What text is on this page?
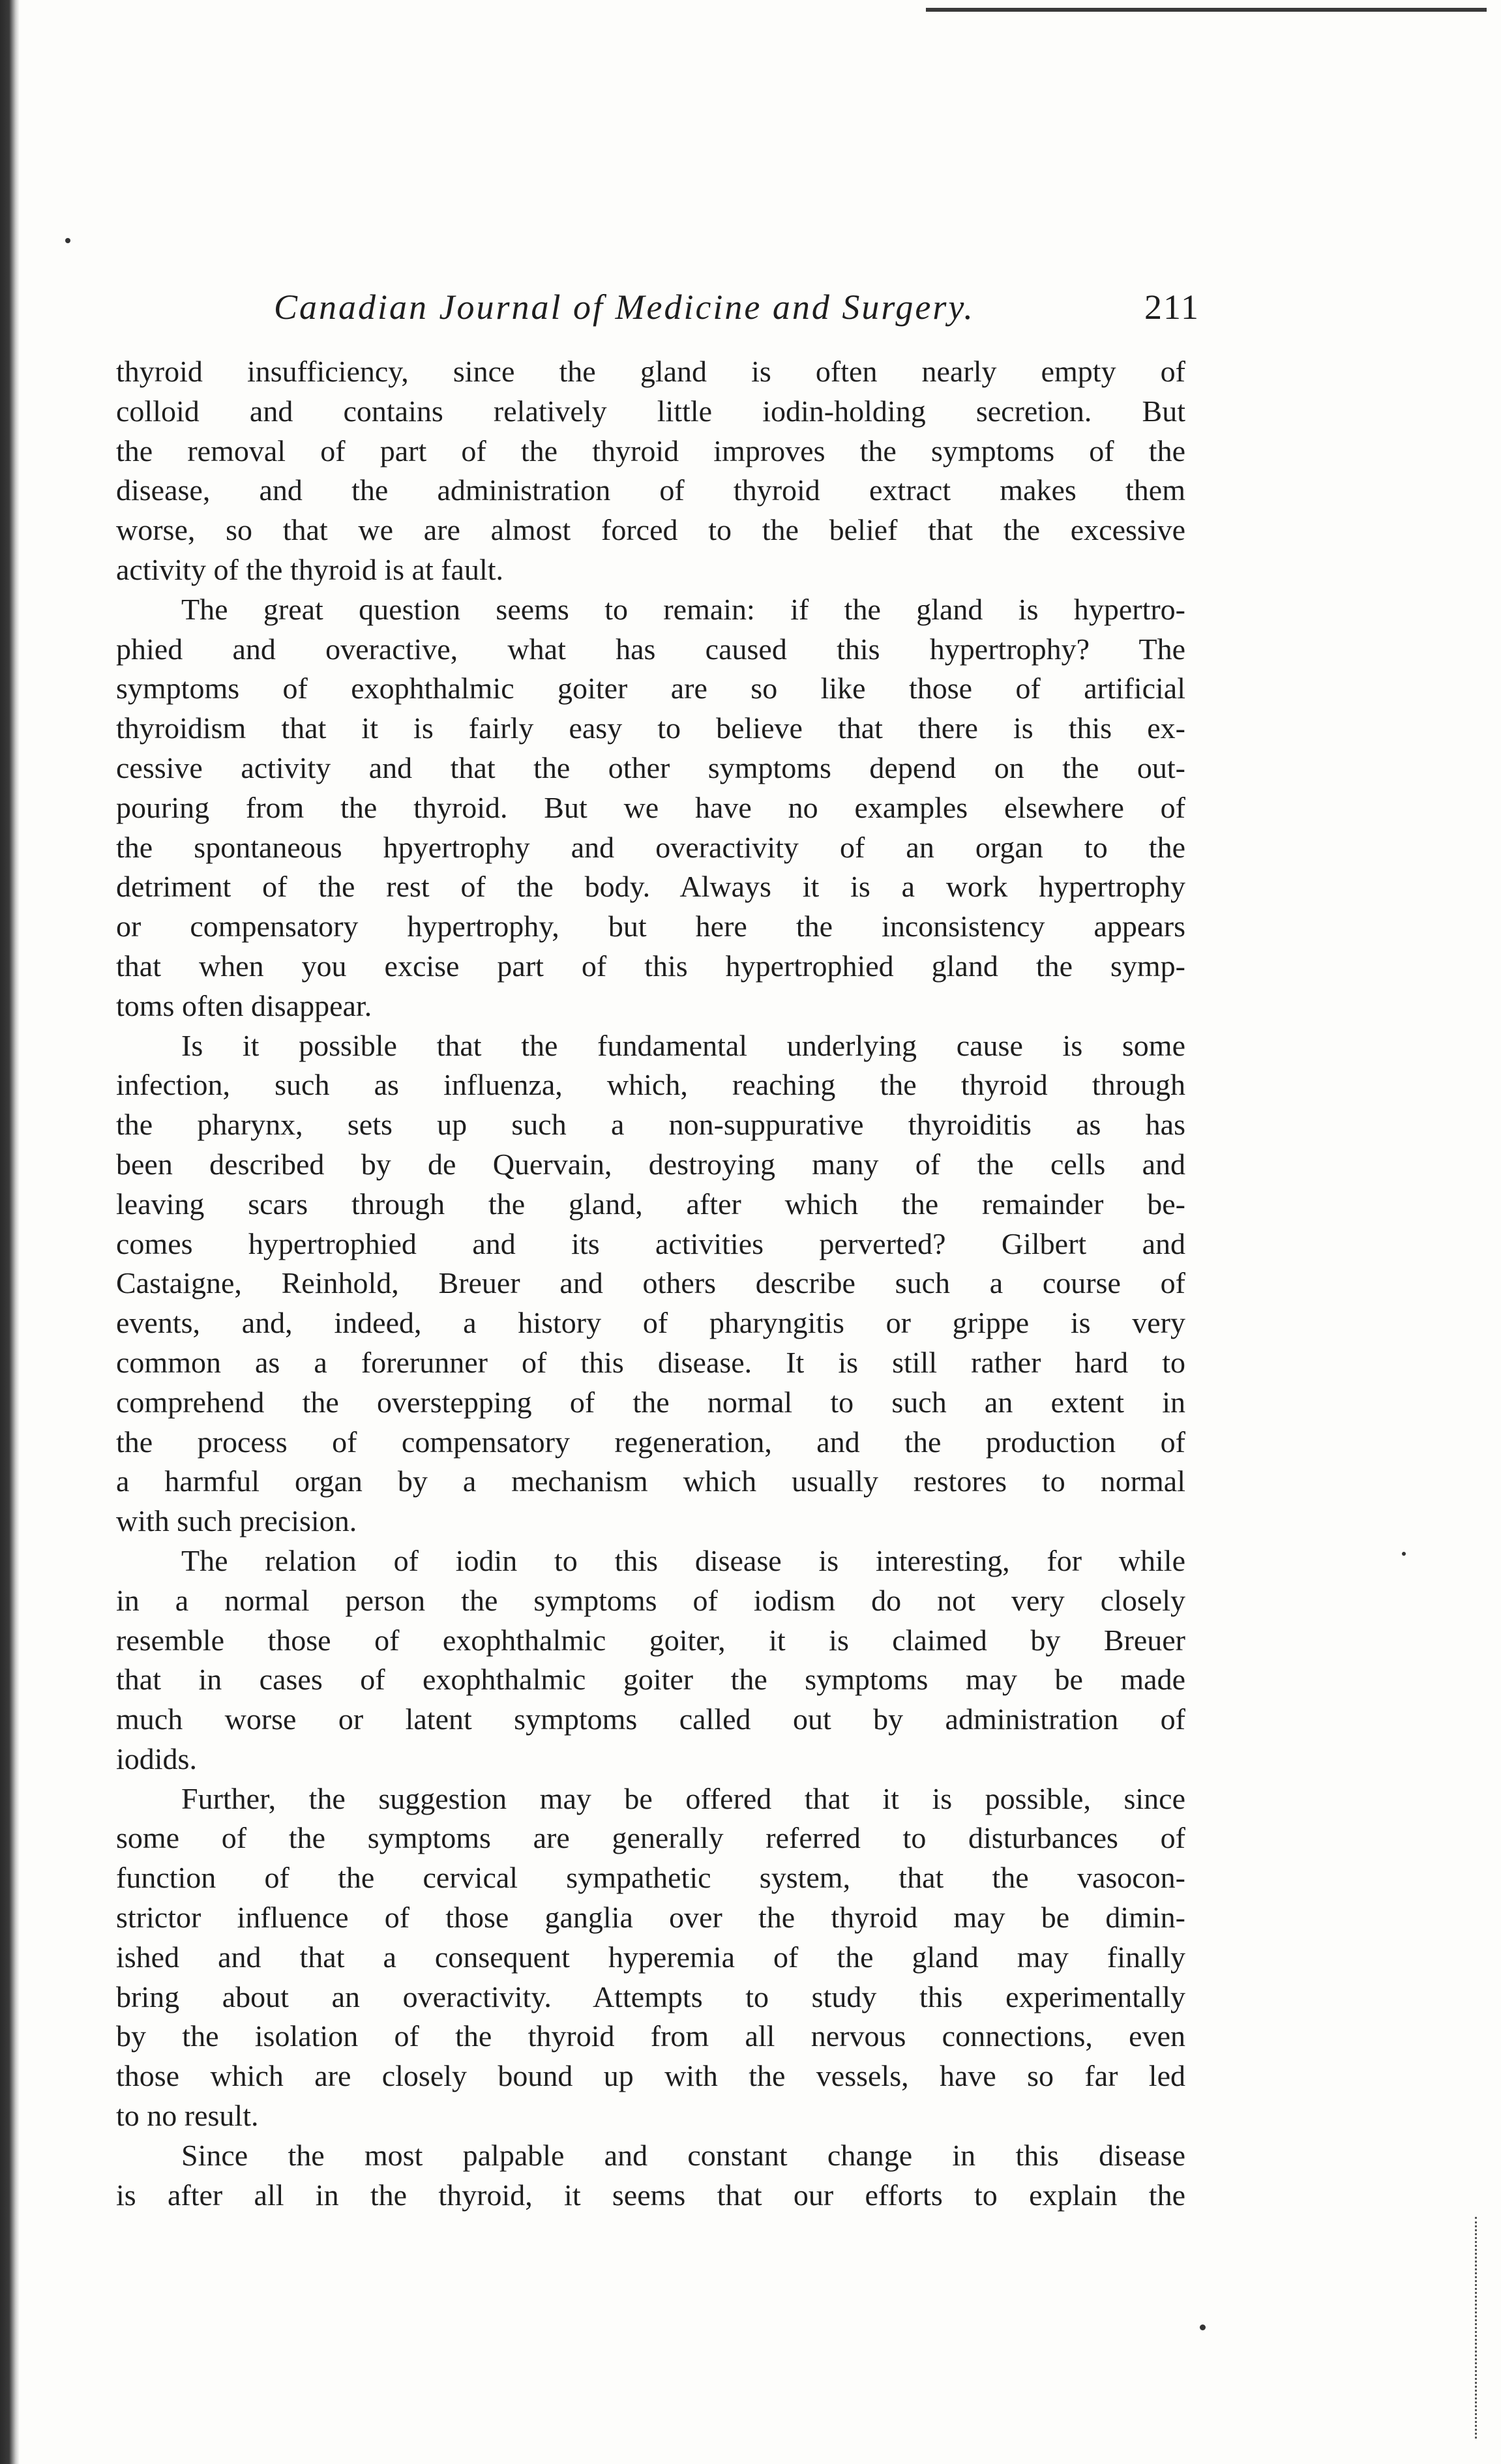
Canadian Journal of Medicine and Surgery.	211
thyroid insufficiency, since the gland is often nearly empty of
colloid and contains relatively little iodin-holding secretion. But
the removal of part of the thyroid improves the symptoms of the
disease, and the administration of thyroid extract makes them
worse, so that we are almost forced to the belief that the excessive
activity of the thyroid is at fault.
The great question seems to remain: if the gland is hypertro-
phied and overactive, what has caused this hypertrophy? The
symptoms of exophthalmic goiter are so like those of artificial
thyroidism that it is fairly easy to believe that there is this ex-
cessive activity and that the other symptoms depend on the out-
pouring from the thyroid. But we have no examples elsewhere of
the spontaneous hpyertrophy and overactivity of an organ to the
detriment of the rest of the body. Always it is a work hypertrophy
or compensatory hypertrophy, but here the inconsistency appears
that when you excise part of this hypertrophied gland the symp-
toms often disappear.
Is it possible that the fundamental underlying cause is some
infection, such as influenza, which, reaching the thyroid through
the pharynx, sets up such a non-suppurative thyroiditis as has
been described by de Quervain, destroying many of the cells and
leaving scars through the gland, after which the remainder be-
comes hypertrophied and its activities perverted? Gilbert and
Castaigne, Reinhold, Breuer and others describe such a course of
events, and, indeed, a history of pharyngitis or grippe is very
common as a forerunner of this disease. It is still rather hard to
comprehend the overstepping of the normal to such an extent in
the process of compensatory regeneration, and the production of
a harmful organ by a mechanism which usually restores to normal
with such precision.
The relation of iodin to this disease is interesting, for while
in a normal person the symptoms of iodism do not very closely
resemble those of exophthalmic goiter, it is claimed by Breuer
that in cases of exophthalmic goiter the symptoms may be made
much worse or latent symptoms called out by administration of
iodids.
Further, the suggestion may be offered that it is possible, since
some of the symptoms are generally referred to disturbances of
function of the cervical sympathetic system, that the vasocon-
strictor influence of those ganglia over the thyroid may be dimin-
ished and that a consequent hyperemia of the gland may finally
bring about an overactivity. Attempts to study this experimentally
by the isolation of the thyroid from all nervous connections, even
those which are closely bound up with the vessels, have so far led
to no result.
Since the most palpable and constant change in this disease
is after all in the thyroid, it seems that our efforts to explain the
